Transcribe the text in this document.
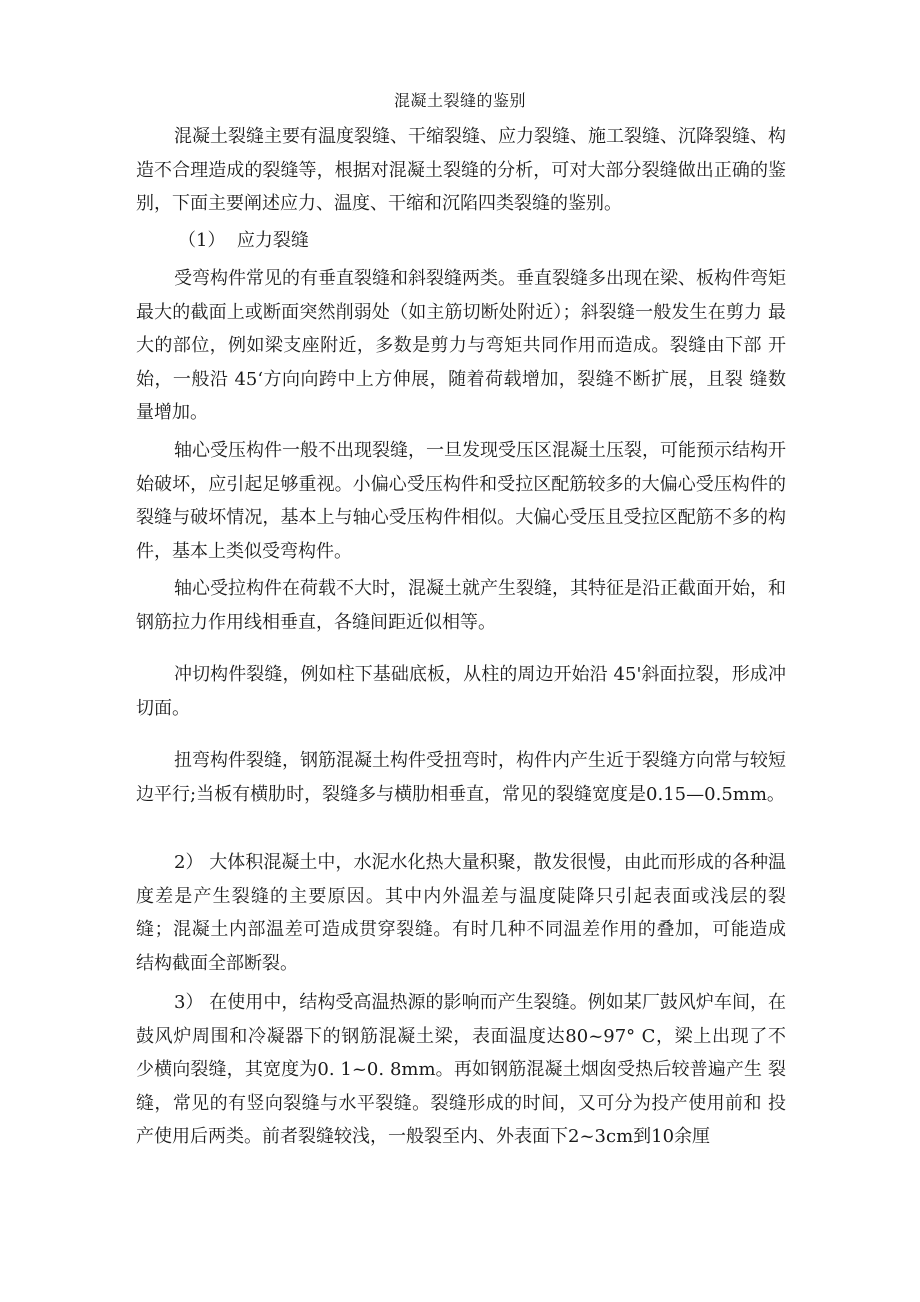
混凝土裂缝的鉴别

混凝土裂缝主要有温度裂缝、干缩裂缝、应力裂缝、施工裂缝、沉降裂缝、构造不合理造成的裂缝等，根据对混凝土裂缝的分析，可对大部分裂缝做出正确的鉴别，下面主要阐述应力、温度、干缩和沉陷四类裂缝的鉴别。

（1）  应力裂缝

受弯构件常见的有垂直裂缝和斜裂缝两类。垂直裂缝多出现在梁、板构件弯矩最大的截面上或断面突然削弱处（如主筋切断处附近）；斜裂缝一般发生在剪力 最大的部位，例如梁支座附近，多数是剪力与弯矩共同作用而造成。裂缝由下部 开始，一般沿 45‘方向向跨中上方伸展，随着荷载增加，裂缝不断扩展，且裂 缝数量增加。

轴心受压构件一般不出现裂缝，一旦发现受压区混凝土压裂，可能预示结构开始破坏，应引起足够重视。小偏心受压构件和受拉区配筋较多的大偏心受压构件的裂缝与破坏情况，基本上与轴心受压构件相似。大偏心受压且受拉区配筋不多的构件，基本上类似受弯构件。

轴心受拉构件在荷载不大时，混凝土就产生裂缝，其特征是沿正截面开始，和钢筋拉力作用线相垂直，各缝间距近似相等。

冲切构件裂缝，例如柱下基础底板，从柱的周边开始沿 45'斜面拉裂，形成冲切面。

扭弯构件裂缝，钢筋混凝土构件受扭弯时，构件内产生近于裂缝方向常与较短边平行;当板有横肋时，裂缝多与横肋相垂直，常见的裂缝宽度是0.15—0.5mm。

2） 大体积混凝土中，水泥水化热大量积聚，散发很慢，由此而形成的各种温 度差是产生裂缝的主要原因。其中内外温差与温度陡降只引起表面或浅层的裂 缝；混凝土内部温差可造成贯穿裂缝。有时几种不同温差作用的叠加，可能造成 结构截面全部断裂。

3） 在使用中，结构受高温热源的影响而产生裂缝。例如某厂鼓风炉车间，在 鼓风炉周围和冷凝器下的钢筋混凝土梁，表面温度达80~97° C，梁上出现了不 少横向裂缝，其宽度为0. 1~0. 8mm。再如钢筋混凝土烟囱受热后较普遍产生 裂缝，常见的有竖向裂缝与水平裂缝。裂缝形成的时间，又可分为投产使用前和 投产使用后两类。前者裂缝较浅，一般裂至内、外表面下2~3cm到10余厘
